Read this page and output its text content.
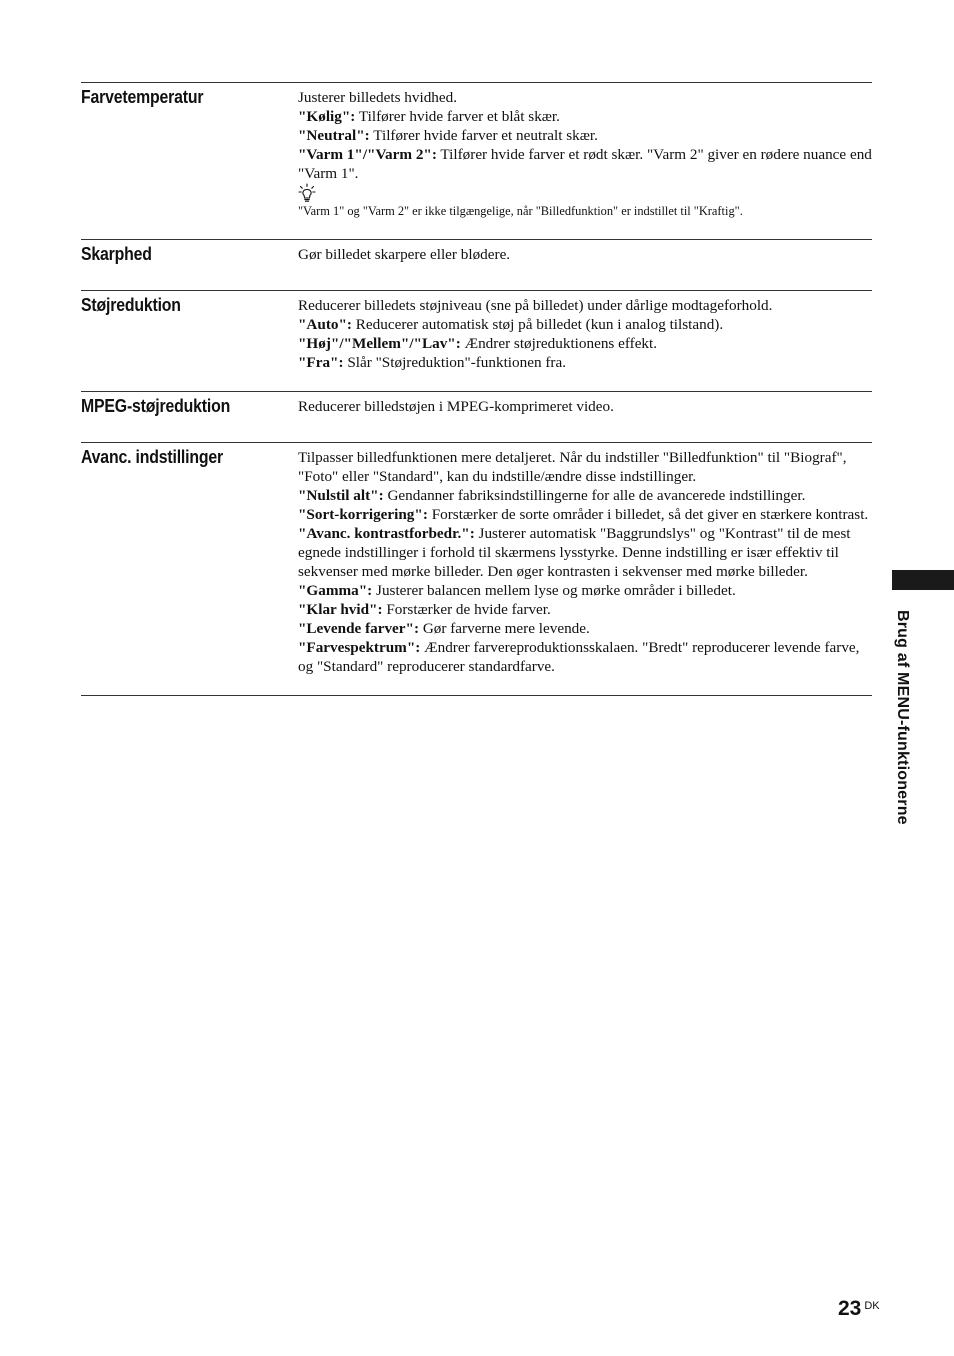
Farvetemperatur	Justerer billedets hvidhed.

"Kølig": Tilfører hvide farver et blåt skær.

"Neutral": Tilfører hvide farver et neutralt skær.

"Varm 1"/"Varm 2": Tilfører hvide farver et rødt skær. "Varm 2" giver en rødere nuance end "Varm 1".

"Varm 1" og "Varm 2" er ikke tilgængelige, når "Billedfunktion" er indstillet til "Kraftig".

Skarphed	Gør billedet skarpere eller blødere.

Støjreduktion	Reducerer billedets støjniveau (sne på billedet) under dårlige modtageforhold.

"Auto": Reducerer automatisk støj på billedet (kun i analog tilstand).

"Høj"/"Mellem"/"Lav": Ændrer støjreduktionens effekt.

"Fra": Slår "Støjreduktion"-funktionen fra.

MPEG-støjreduktion	Reducerer billedstøjen i MPEG-komprimeret video.

Avanc. indstillinger	Tilpasser billedfunktionen mere detaljeret. Når du indstiller "Billedfunktion" til "Biograf", "Foto" eller "Standard", kan du indstille/ændre disse indstillinger.

"Nulstil alt": Gendanner fabriksindstillingerne for alle de avancerede indstillinger.

"Sort-korrigering": Forstærker de sorte områder i billedet, så det giver en stærkere kontrast.

"Avanc. kontrastforbedr.": Justerer automatisk "Baggrundslys" og "Kontrast" til de mest egnede indstillinger i forhold til skærmens lysstyrke. Denne indstilling er især effektiv til sekvenser med mørke billeder. Den øger kontrasten i sekvenser med mørke billeder.

"Gamma": Justerer balancen mellem lyse og mørke områder i billedet.

"Klar hvid": Forstærker de hvide farver.

"Levende farver": Gør farverne mere levende.

"Farvespektrum": Ændrer farvereproduktionsskalaen. "Bredt" reproducerer levende farve, og "Standard" reproducerer standardfarve.	Brug af MENU-funktionerne
23 $^{DK}$
